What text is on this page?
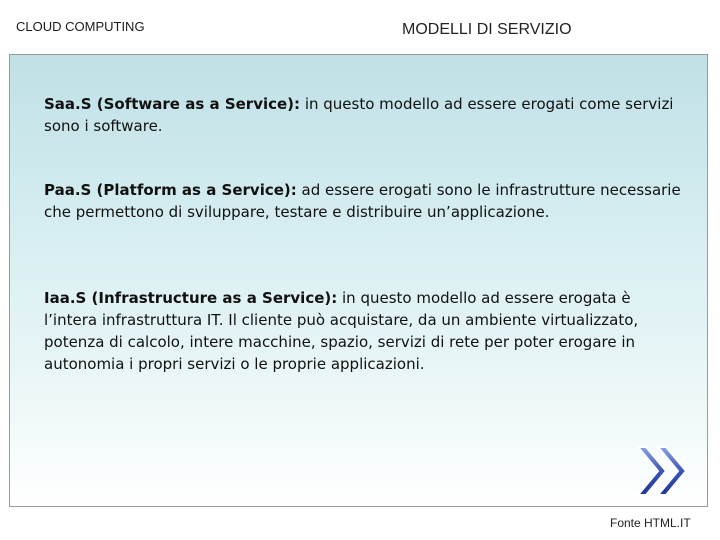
CLOUD COMPUTING	MODELLI DI SERVIZIO
Saa.S (Software as a Service): in questo modello ad essere erogati come servizi sono i software.
Paa.S (Platform as a Service): ad essere erogati sono le infrastrutture necessarie che permettono di sviluppare, testare e distribuire un’applicazione.
Iaa.S (Infrastructure as a Service): in questo modello ad essere erogata è l’intera infrastruttura IT. Il cliente può acquistare, da un ambiente virtualizzato, potenza di calcolo, intere macchine, spazio, servizi di rete per poter erogare in autonomia i propri servizi o le proprie applicazioni.
Fonte HTML.IT
